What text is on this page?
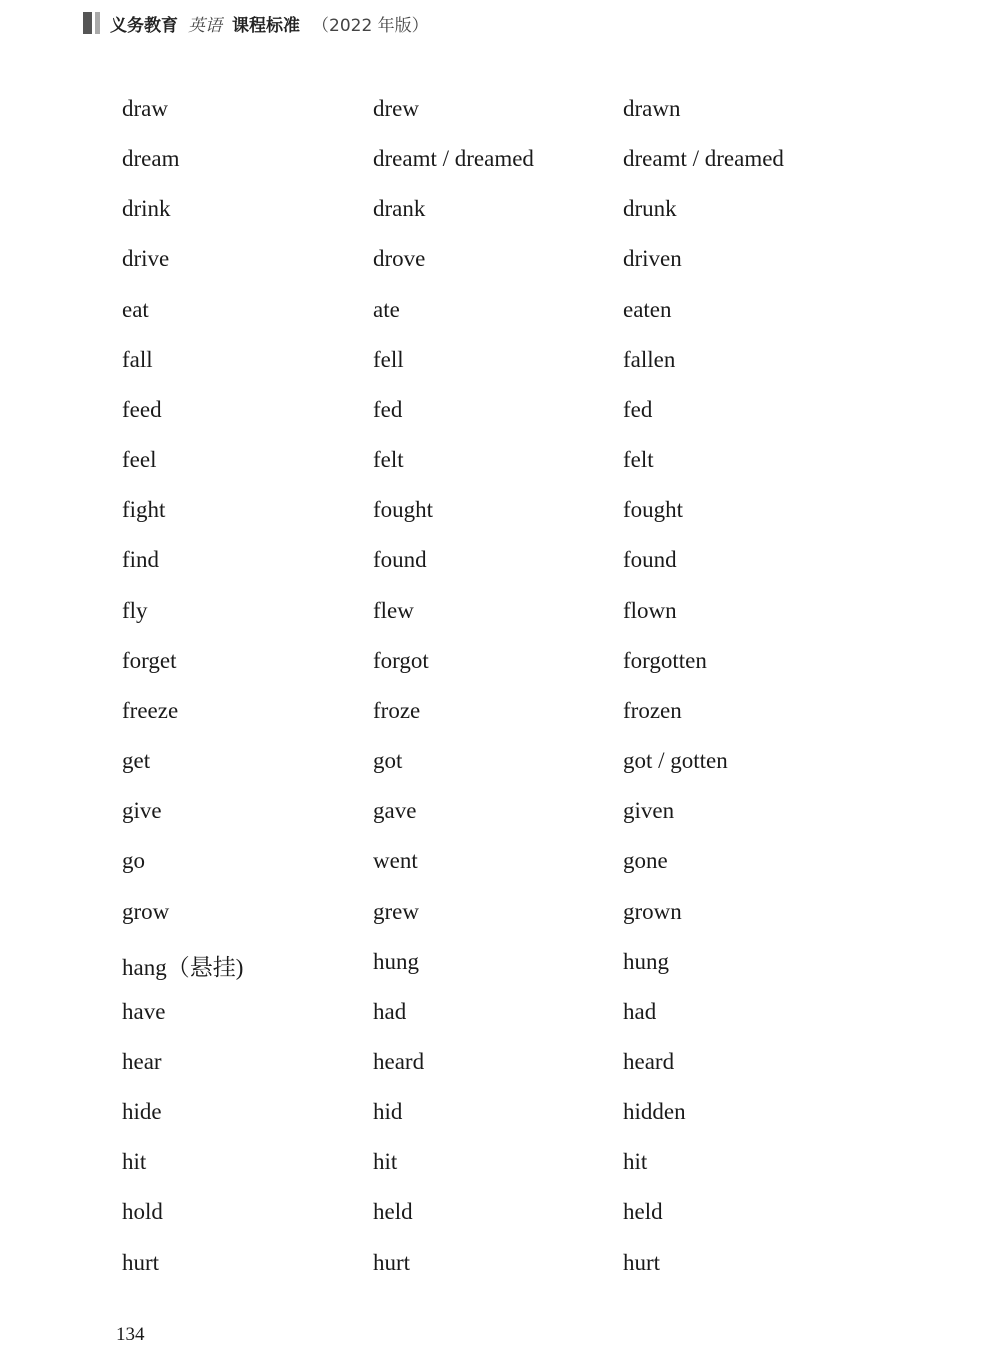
义务教育 英语 课程标准 （2022 年版）
draw	drew	drawn
dream	dreamt / dreamed	dreamt / dreamed
drink	drank	drunk
drive	drove	driven
eat	ate	eaten
fall	fell	fallen
feed	fed	fed
feel	felt	felt
fight	fought	fought
find	found	found
fly	flew	flown
forget	forgot	forgotten
freeze	froze	frozen
get	got	got / gotten
give	gave	given
go	went	gone
grow	grew	grown
hang（悬挂)	hung	hung
have	had	had
hear	heard	heard
hide	hid	hidden
hit	hit	hit
hold	held	held
hurt	hurt	hurt
134
